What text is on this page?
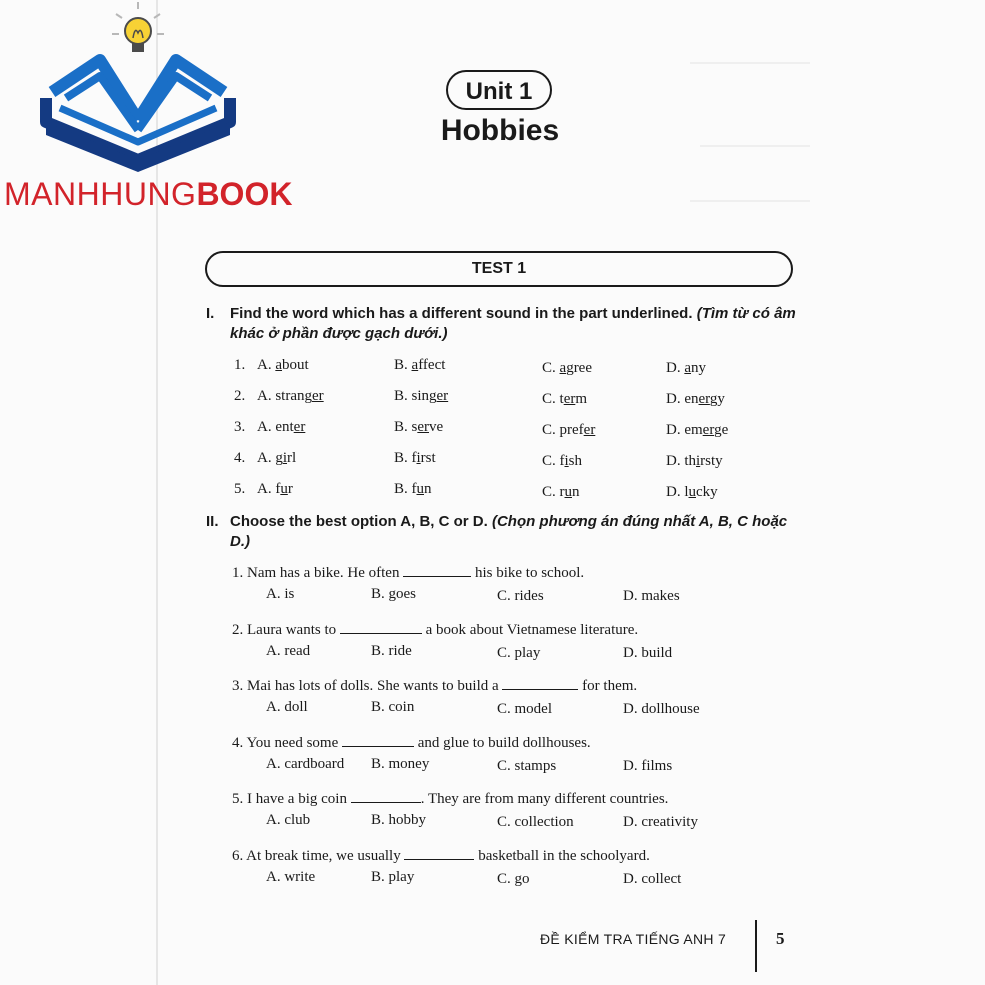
MANHHUNGBOOK
Unit 1
Hobbies
TEST 1
I. Find the word which has a different sound in the part underlined. (Tìm từ có âm khác ở phần được gạch dưới.)
1. A. about	B. affect	C. agree	D. any
2. A. stranger	B. singer	C. term	D. energy
3. A. enter	B. serve	C. prefer	D. emerge
4. A. girl	B. first	C. fish	D. thirsty
5. A. fur	B. fun	C. run	D. lucky
II. Choose the best option A, B, C or D. (Chọn phương án đúng nhất A, B, C hoặc D.)
1. Nam has a bike. He often	his bike to school.
A. is	B. goes	C. rides	D. makes
2. Laura wants to	a book about Vietnamese literature.
A. read	B. ride	C. play	D. build
3. Mai has lots of dolls. She wants to build a	for them.
A. doll	B. coin	C. model	D. dollhouse
4. You need some	and glue to build dollhouses.
A. cardboard B. money	C. stamps	D. films
5. I have a big coin	. They are from many different countries.
A. club	B. hobby	C. collection	D. creativity
6. At break time, we usually	basketball in the schoolyard.
A. write	B. play	C. go	D. collect
ĐỀ KIỂM TRA TIẾNG ANH 7	5
